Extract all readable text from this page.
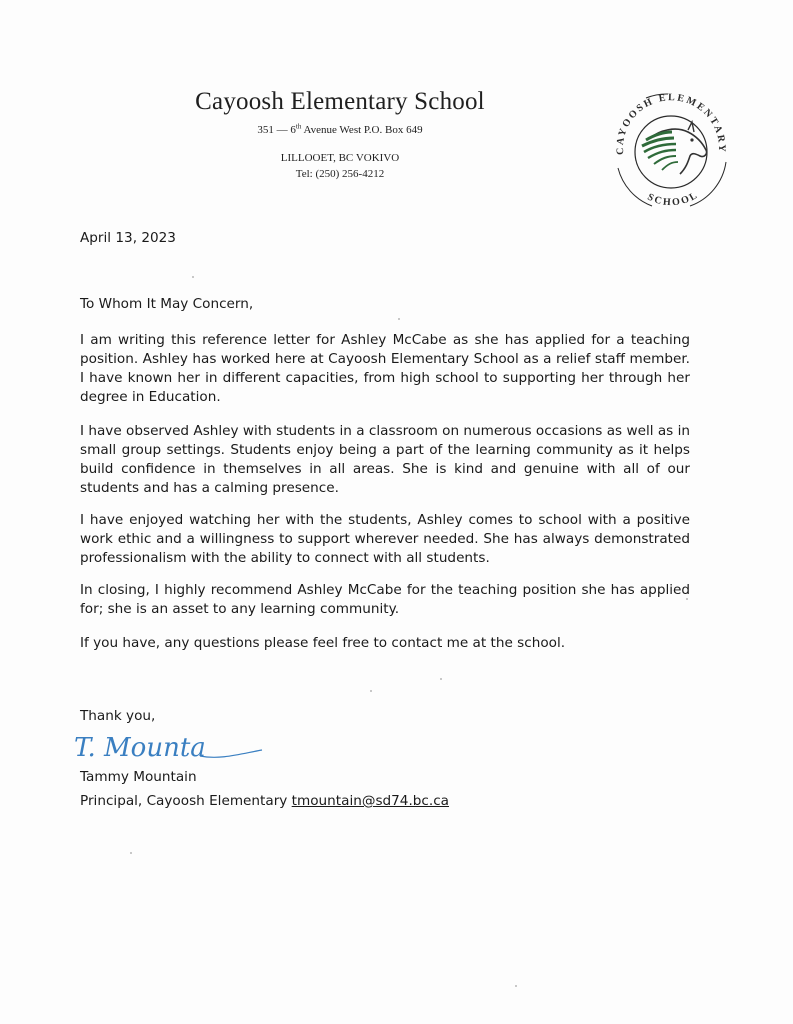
Cayoosh Elementary School

351 — 6th Avenue West P.O. Box 649

LILLOOET, BC VOKIVO

Tel: (250) 256-4212

CAYOOSH ELEMENTARY
SCHOOL

April 13, 2023

To Whom It May Concern,

I am writing this reference letter for Ashley McCabe as she has applied for a teaching position. Ashley has worked here at Cayoosh Elementary School as a relief staff member. I have known her in different capacities, from high school to supporting her through her degree in Education.

I have observed Ashley with students in a classroom on numerous occasions as well as in small group settings. Students enjoy being a part of the learning community as it helps build confidence in themselves in all areas. She is kind and genuine with all of our students and has a calming presence.

I have enjoyed watching her with the students, Ashley comes to school with a positive work ethic and a willingness to support wherever needed. She has always demonstrated professionalism with the ability to connect with all students.

In closing, I highly recommend Ashley McCabe for the teaching position she has applied for; she is an asset to any learning community.

If you have, any questions please feel free to contact me at the school.

Thank you,

T. Mounta

Tammy Mountain

Principal, Cayoosh Elementary tmountain@sd74.bc.ca
